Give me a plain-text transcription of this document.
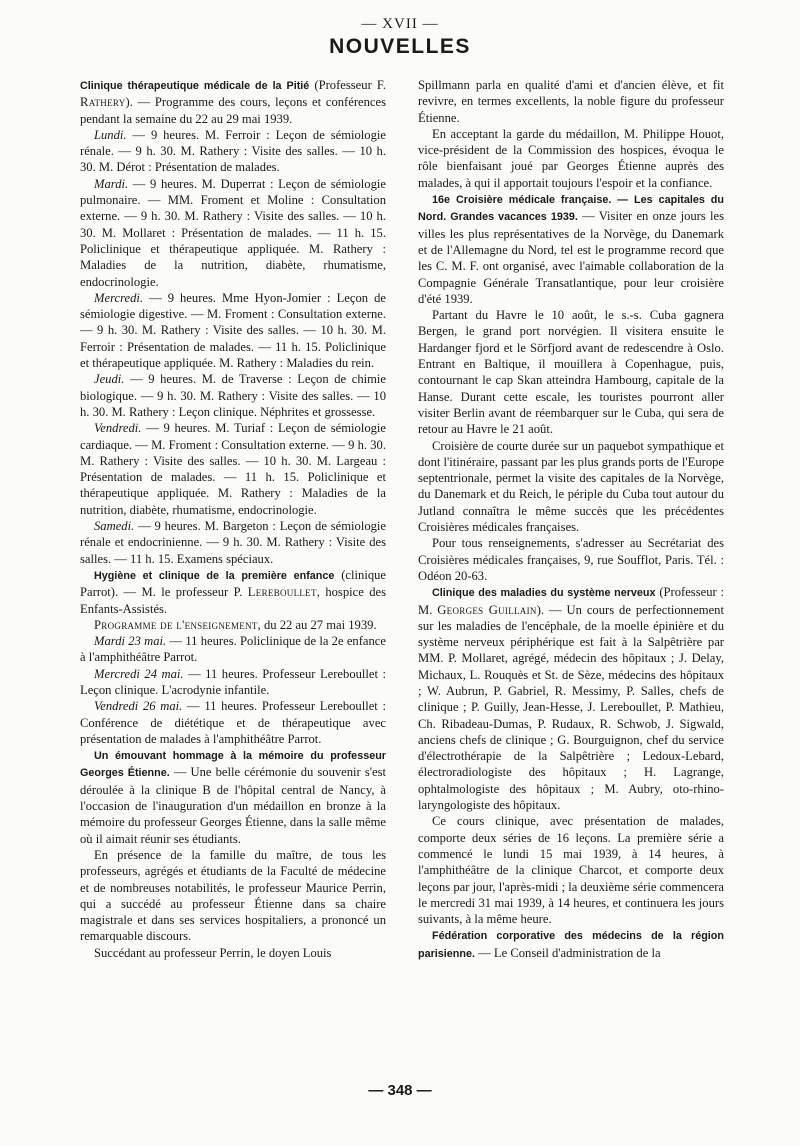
— XVII —
NOUVELLES

Clinique thérapeutique médicale de la Pitié (Professeur F. Rathery). — Programme des cours, leçons et conférences pendant la semaine du 22 au 29 mai 1939.

Lundi. — 9 heures. M. Ferroir : Leçon de sémiologie rénale. — 9 h. 30. M. Rathery : Visite des salles. — 10 h. 30. M. Dérot : Présentation de malades.

Mardi. — 9 heures. M. Duperrat : Leçon de sémiologie pulmonaire. — MM. Froment et Moline : Consultation externe. — 9 h. 30. M. Rathery : Visite des salles. — 10 h. 30. M. Mollaret : Présentation de malades. — 11 h. 15. Policlinique et thérapeutique appliquée. M. Rathery : Maladies de la nutrition, diabète, rhumatisme, endocrinologie.

Mercredi. — 9 heures. Mme Hyon-Jomier : Leçon de sémiologie digestive. — M. Froment : Consultation externe. — 9 h. 30. M. Rathery : Visite des salles. — 10 h. 30. M. Ferroir : Présentation de malades. — 11 h. 15. Policlinique et thérapeutique appliquée. M. Rathery : Maladies du rein.

Jeudi. — 9 heures. M. de Traverse : Leçon de chimie biologique. — 9 h. 30. M. Rathery : Visite des salles. — 10 h. 30. M. Rathery : Leçon clinique. Néphrites et grossesse.

Vendredi. — 9 heures. M. Turiaf : Leçon de sémiologie cardiaque. — M. Froment : Consultation externe. — 9 h. 30. M. Rathery : Visite des salles. — 10 h. 30. M. Largeau : Présentation de malades. — 11 h. 15. Policlinique et thérapeutique appliquée. M. Rathery : Maladies de la nutrition, diabète, rhumatisme, endocrinologie.

Samedi. — 9 heures. M. Bargeton : Leçon de sémiologie rénale et endocrinienne. — 9 h. 30. M. Rathery : Visite des salles. — 11 h. 15. Examens spéciaux.

Hygiène et clinique de la première enfance (clinique Parrot). — M. le professeur P. Lereboullet, hospice des Enfants-Assistés.

Programme de l'enseignement, du 22 au 27 mai 1939.

Mardi 23 mai. — 11 heures. Policlinique de la 2e enfance à l'amphithéâtre Parrot.

Mercredi 24 mai. — 11 heures. Professeur Lereboullet : Leçon clinique. L'acrodynie infantile.

Vendredi 26 mai. — 11 heures. Professeur Lereboullet : Conférence de diététique et de thérapeutique avec présentation de malades à l'amphithéâtre Parrot.

Un émouvant hommage à la mémoire du professeur Georges Étienne. — Une belle cérémonie du souvenir s'est déroulée à la clinique B de l'hôpital central de Nancy, à l'occasion de l'inauguration d'un médaillon en bronze à la mémoire du professeur Georges Étienne, dans la salle même où il aimait réunir ses étudiants.

En présence de la famille du maître, de tous les professeurs, agrégés et étudiants de la Faculté de médecine et de nombreuses notabilités, le professeur Maurice Perrin, qui a succédé au professeur Étienne dans sa chaire magistrale et dans ses services hospitaliers, a prononcé un remarquable discours.

Succédant au professeur Perrin, le doyen Louis

Spillmann parla en qualité d'ami et d'ancien élève, et fit revivre, en termes excellents, la noble figure du professeur Étienne.

En acceptant la garde du médaillon, M. Philippe Houot, vice-président de la Commission des hospices, évoqua le rôle bienfaisant joué par Georges Étienne auprès des malades, à qui il apportait toujours l'espoir et la confiance.

16e Croisière médicale française. — Les capitales du Nord. Grandes vacances 1939. — Visiter en onze jours les villes les plus représentatives de la Norvège, du Danemark et de l'Allemagne du Nord, tel est le programme record que les C. M. F. ont organisé, avec l'aimable collaboration de la Compagnie Générale Transatlantique, pour leur croisière d'été 1939.

Partant du Havre le 10 août, le s.-s. Cuba gagnera Bergen, le grand port norvégien. Il visitera ensuite le Hardanger fjord et le Sörfjord avant de redescendre à Oslo. Entrant en Baltique, il mouillera à Copenhague, puis, contournant le cap Skan atteindra Hambourg, capitale de la Hanse. Durant cette escale, les touristes pourront aller visiter Berlin avant de réembarquer sur le Cuba, qui sera de retour au Havre le 21 août.

Croisière de courte durée sur un paquebot sympathique et dont l'itinéraire, passant par les plus grands ports de l'Europe septentrionale, permet la visite des capitales de la Norvège, du Danemark et du Reich, le périple du Cuba tout autour du Jutland connaîtra le même succès que les précédentes Croisières médicales françaises.

Pour tous renseignements, s'adresser au Secrétariat des Croisières médicales françaises, 9, rue Soufflot, Paris. Tél. : Odéon 20-63.

Clinique des maladies du système nerveux (Professeur : M. Georges Guillain). — Un cours de perfectionnement sur les maladies de l'encéphale, de la moelle épinière et du système nerveux périphérique est fait à la Salpêtrière par MM. P. Mollaret, agrégé, médecin des hôpitaux ; J. Delay, Michaux, L. Rouquès et St. de Sèze, médecins des hôpitaux ; W. Aubrun, P. Gabriel, R. Messimy, P. Salles, chefs de clinique ; P. Guilly, Jean-Hesse, J. Lereboullet, P. Mathieu, Ch. Ribadeau-Dumas, P. Rudaux, R. Schwob, J. Sigwald, anciens chefs de clinique ; G. Bourguignon, chef du service d'électrothérapie de la Salpêtrière ; Ledoux-Lebard, électroradiologiste des hôpitaux ; H. Lagrange, ophtalmologiste des hôpitaux ; M. Aubry, oto-rhino-laryngologiste des hôpitaux.

Ce cours clinique, avec présentation de malades, comporte deux séries de 16 leçons. La première série a commencé le lundi 15 mai 1939, à 14 heures, à l'amphithéâtre de la clinique Charcot, et comporte deux leçons par jour, l'après-midi ; la deuxième série commencera le mercredi 31 mai 1939, à 14 heures, et continuera les jours suivants, à la même heure.

Fédération corporative des médecins de la région parisienne. — Le Conseil d'administration de la

— 348 —
